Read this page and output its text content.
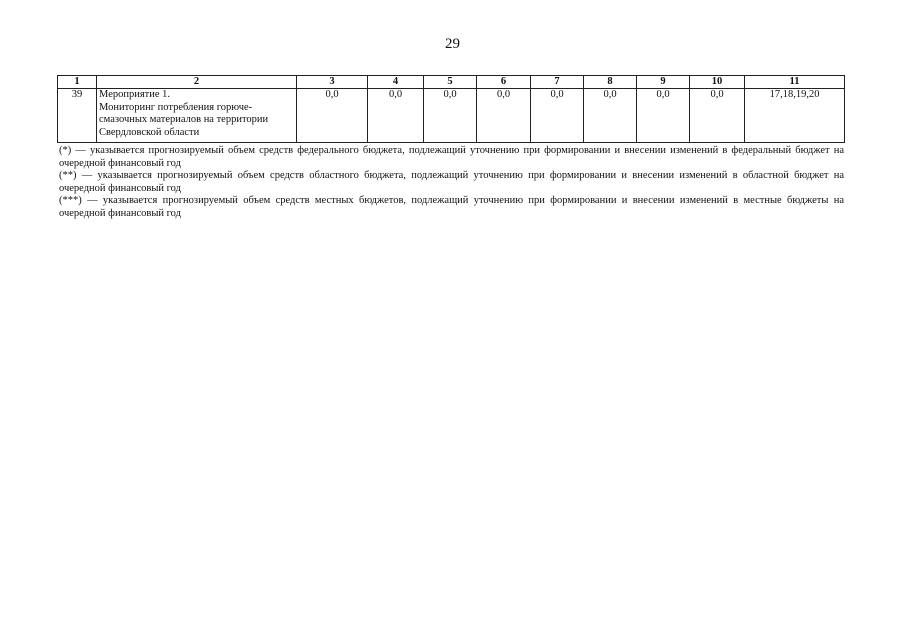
29
1	2	3	4	5	6	7	8	9	10	11
39	Мероприятие 1.
Мониторинг потребления горюче-
смазочных материалов на территории
Свердловской области	0,0	0,0	0,0	0,0	0,0	0,0	0,0	0,0	17,18,19,20

(*) — указывается прогнозируемый объем средств федерального бюджета, подлежащий уточнению при формировании и внесении изменений в федеральный бюджет на очередной финансовый год

(**) — указывается прогнозируемый объем средств областного бюджета, подлежащий уточнению при формировании и внесении изменений в областной бюджет на очередной финансовый год

(***) — указывается прогнозируемый объем средств местных бюджетов, подлежащий уточнению при формировании и внесении изменений в местные бюджеты на очередной финансовый год
